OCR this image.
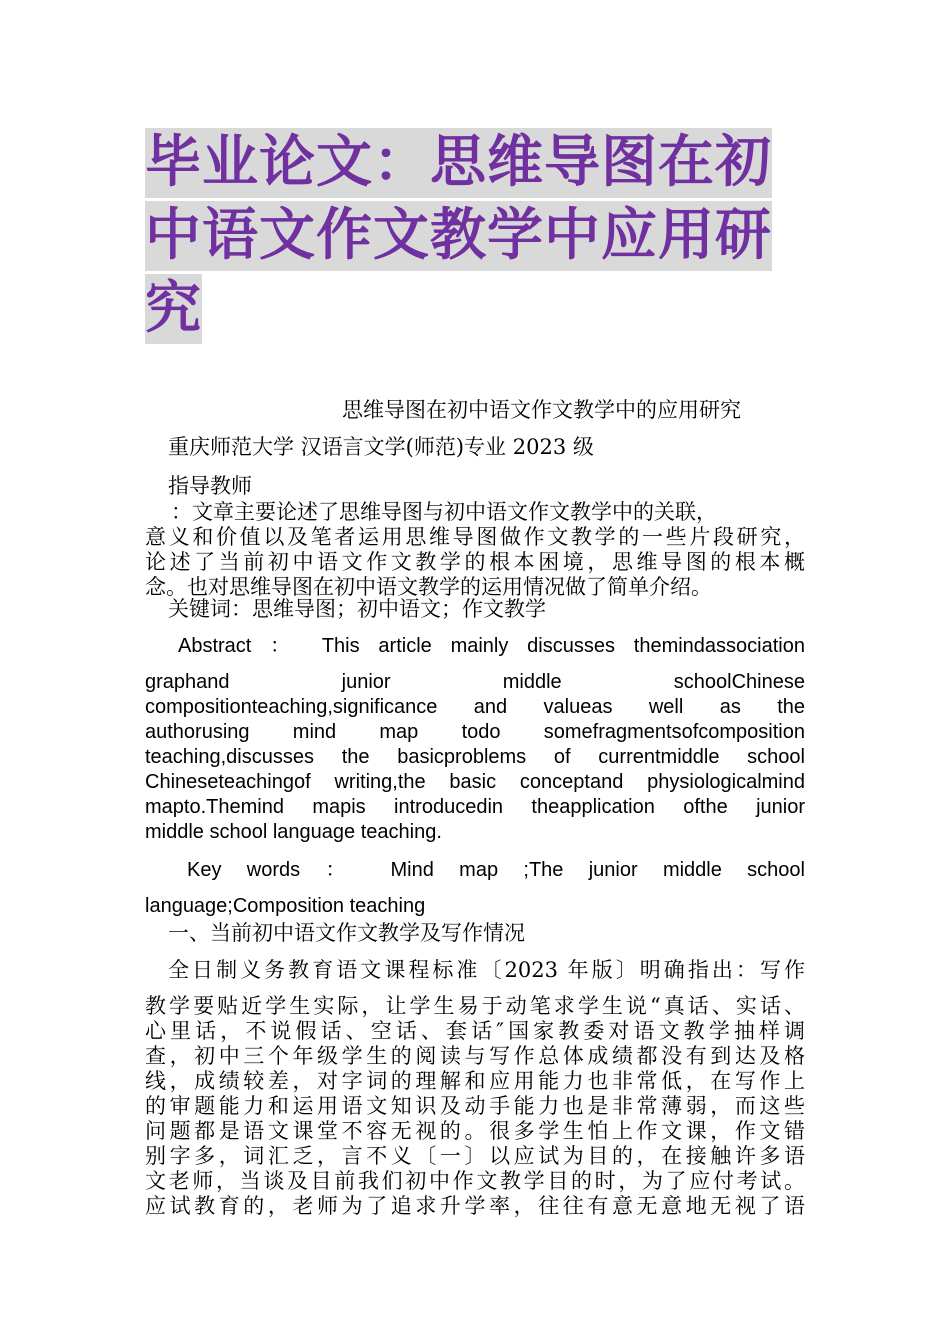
毕业论文：思维导图在初
中语文作文教学中应用研
究
思维导图在初中语文作文教学中的应用研究
重庆师范大学 汉语言文学(师范)专业 2023 级
指导教师
：文章主要论述了思维导图与初中语文作文教学中的关联，
意义和价值以及笔者运用思维导图做作文教学的一些片段研究，
论述了当前初中语文作文教学的根本困境，思维导图的根本概
念。也对思维导图在初中语文教学的运用情况做了简单介绍。
关键词：思维导图；初中语文；作文教学
Abstract ： This article mainly discusses themindassociation
graphand junior middle schoolChinese
compositionteaching,significance and valueas well as the
authorusing mind map todo somefragmentsofcomposition
teaching,discusses the basicproblems of currentmiddle school
Chineseteachingof writing,the basic conceptand physiologicalmind
mapto.Themind mapis introducedin theapplication ofthe junior
middle school language teaching.
Key words ： Mind map ;The junior middle school
language;Composition teaching
一、当前初中语文作文教学及写作情况
全日制义务教育语文课程标准〔2023 年版〕明确指出：写作
教学要贴近学生实际，让学生易于动笔求学生说“真话、实话、
心里话，不说假话、空话、套话″国家教委对语文教学抽样调
查，初中三个年级学生的阅读与写作总体成绩都没有到达及格
线，成绩较差，对字词的理解和应用能力也非常低，在写作上
的审题能力和运用语文知识及动手能力也是非常薄弱，而这些
问题都是语文课堂不容无视的。很多学生怕上作文课，作文错
别字多，词汇乏，言不义〔一〕以应试为目的，在接触许多语
文老师，当谈及目前我们初中作文教学目的时，为了应付考试。
应试教育的，老师为了追求升学率，往往有意无意地无视了语
